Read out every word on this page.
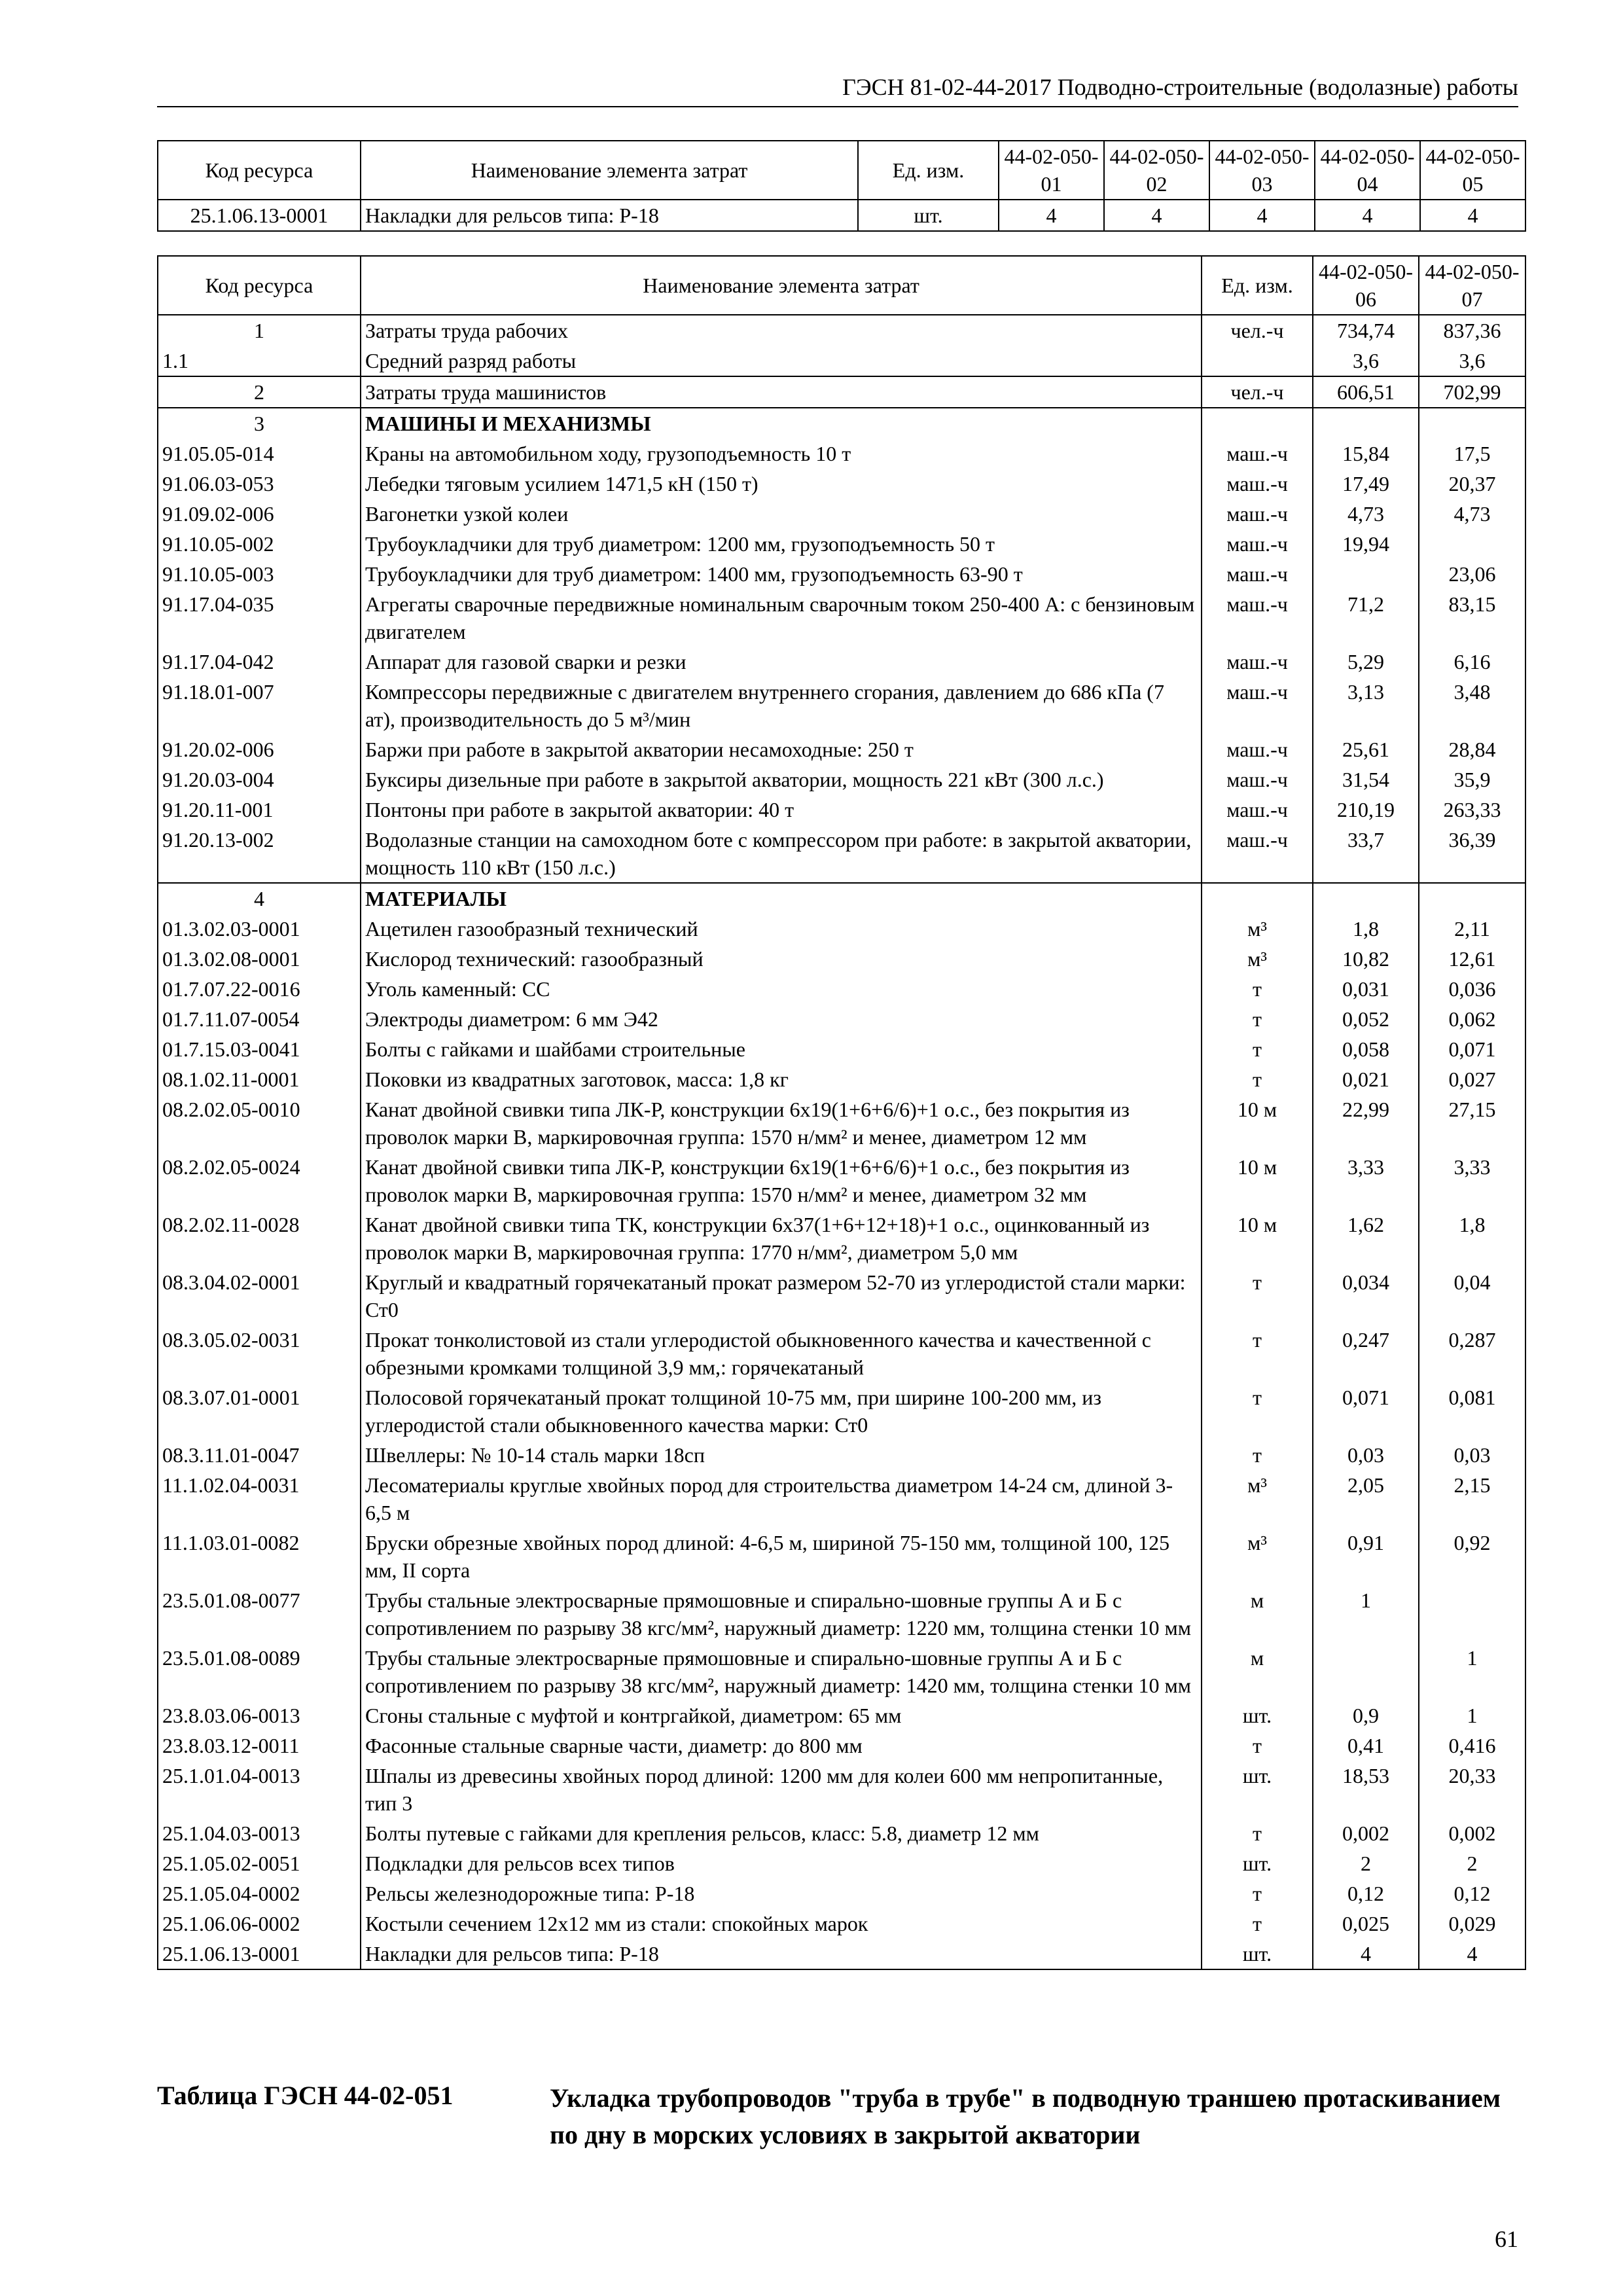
ГЭСН 81-02-44-2017 Подводно-строительные (водолазные) работы
Код ресурса	Наименование элемента затрат	Ед. изм.	44-02-050-01	44-02-050-02	44-02-050-03	44-02-050-04	44-02-050-05
25.1.06.13-0001	Накладки для рельсов типа: Р-18	шт.	4	4	4	4	4
Код ресурса	Наименование элемента затрат	Ед. изм.	44-02-050-06	44-02-050-07
1	Затраты труда рабочих	чел.-ч	734,74	837,36
1.1	Средний разряд работы		3,6	3,6
2	Затраты труда машинистов	чел.-ч	606,51	702,99
3	МАШИНЫ И МЕХАНИЗМЫ			
91.05.05-014	Краны на автомобильном ходу, грузоподъемность 10 т	маш.-ч	15,84	17,5
91.06.03-053	Лебедки тяговым усилием 1471,5 кН (150 т)	маш.-ч	17,49	20,37
91.09.02-006	Вагонетки узкой колеи	маш.-ч	4,73	4,73
91.10.05-002	Трубоукладчики для труб диаметром: 1200 мм, грузоподъемность 50 т	маш.-ч	19,94	
91.10.05-003	Трубоукладчики для труб диаметром: 1400 мм, грузоподъемность 63-90 т	маш.-ч		23,06
91.17.04-035	Агрегаты сварочные передвижные номинальным сварочным током 250-400 А: с бензиновым двигателем	маш.-ч	71,2	83,15
91.17.04-042	Аппарат для газовой сварки и резки	маш.-ч	5,29	6,16
91.18.01-007	Компрессоры передвижные с двигателем внутреннего сгорания, давлением до 686 кПа (7 ат), производительность до 5 м³/мин	маш.-ч	3,13	3,48
91.20.02-006	Баржи при работе в закрытой акватории несамоходные: 250 т	маш.-ч	25,61	28,84
91.20.03-004	Буксиры дизельные при работе в закрытой акватории, мощность 221 кВт (300 л.с.)	маш.-ч	31,54	35,9
91.20.11-001	Понтоны при работе в закрытой акватории: 40 т	маш.-ч	210,19	263,33
91.20.13-002	Водолазные станции на самоходном боте с компрессором при работе: в закрытой акватории, мощность 110 кВт (150 л.с.)	маш.-ч	33,7	36,39
4	МАТЕРИАЛЫ			
01.3.02.03-0001	Ацетилен газообразный технический	м³	1,8	2,11
01.3.02.08-0001	Кислород технический: газообразный	м³	10,82	12,61
01.7.07.22-0016	Уголь каменный: СС	т	0,031	0,036
01.7.11.07-0054	Электроды диаметром: 6 мм Э42	т	0,052	0,062
01.7.15.03-0041	Болты с гайками и шайбами строительные	т	0,058	0,071
08.1.02.11-0001	Поковки из квадратных заготовок, масса: 1,8 кг	т	0,021	0,027
08.2.02.05-0010	Канат двойной свивки типа ЛК-Р, конструкции 6х19(1+6+6/6)+1 о.с., без покрытия из проволок марки В, маркировочная группа: 1570 н/мм² и менее, диаметром 12 мм	10 м	22,99	27,15
08.2.02.05-0024	Канат двойной свивки типа ЛК-Р, конструкции 6х19(1+6+6/6)+1 о.с., без покрытия из проволок марки В, маркировочная группа: 1570 н/мм² и менее, диаметром 32 мм	10 м	3,33	3,33
08.2.02.11-0028	Канат двойной свивки типа ТК, конструкции 6х37(1+6+12+18)+1 о.с., оцинкованный из проволок марки В, маркировочная группа: 1770 н/мм², диаметром 5,0 мм	10 м	1,62	1,8
08.3.04.02-0001	Круглый и квадратный горячекатаный прокат размером 52-70 из углеродистой стали марки: Ст0	т	0,034	0,04
08.3.05.02-0031	Прокат тонколистовой из стали углеродистой обыкновенного качества и качественной с обрезными кромками толщиной 3,9 мм,: горячекатаный	т	0,247	0,287
08.3.07.01-0001	Полосовой горячекатаный прокат толщиной 10-75 мм, при ширине 100-200 мм, из углеродистой стали обыкновенного качества марки: Ст0	т	0,071	0,081
08.3.11.01-0047	Швеллеры: № 10-14 сталь марки 18сп	т	0,03	0,03
11.1.02.04-0031	Лесоматериалы круглые хвойных пород для строительства диаметром 14-24 см, длиной 3-6,5 м	м³	2,05	2,15
11.1.03.01-0082	Бруски обрезные хвойных пород длиной: 4-6,5 м, шириной 75-150 мм, толщиной 100, 125 мм, II сорта	м³	0,91	0,92
23.5.01.08-0077	Трубы стальные электросварные прямошовные и спирально-шовные группы А и Б с сопротивлением по разрыву 38 кгс/мм², наружный диаметр: 1220 мм, толщина стенки 10 мм	м	1	
23.5.01.08-0089	Трубы стальные электросварные прямошовные и спирально-шовные группы А и Б с сопротивлением по разрыву 38 кгс/мм², наружный диаметр: 1420 мм, толщина стенки 10 мм	м		1
23.8.03.06-0013	Сгоны стальные с муфтой и контргайкой, диаметром: 65 мм	шт.	0,9	1
23.8.03.12-0011	Фасонные стальные сварные части, диаметр: до 800 мм	т	0,41	0,416
25.1.01.04-0013	Шпалы из древесины хвойных пород длиной: 1200 мм для колеи 600 мм непропитанные, тип 3	шт.	18,53	20,33
25.1.04.03-0013	Болты путевые с гайками для крепления рельсов, класс: 5.8, диаметр 12 мм	т	0,002	0,002
25.1.05.02-0051	Подкладки для рельсов всех типов	шт.	2	2
25.1.05.04-0002	Рельсы железнодорожные типа: Р-18	т	0,12	0,12
25.1.06.06-0002	Костыли сечением 12х12 мм из стали: спокойных марок	т	0,025	0,029
25.1.06.13-0001	Накладки для рельсов типа: Р-18	шт.	4	4
Таблица ГЭСН 44-02-051	Укладка трубопроводов "труба в трубе" в подводную траншею протаскиванием по дну в морских условиях в закрытой акватории
61
